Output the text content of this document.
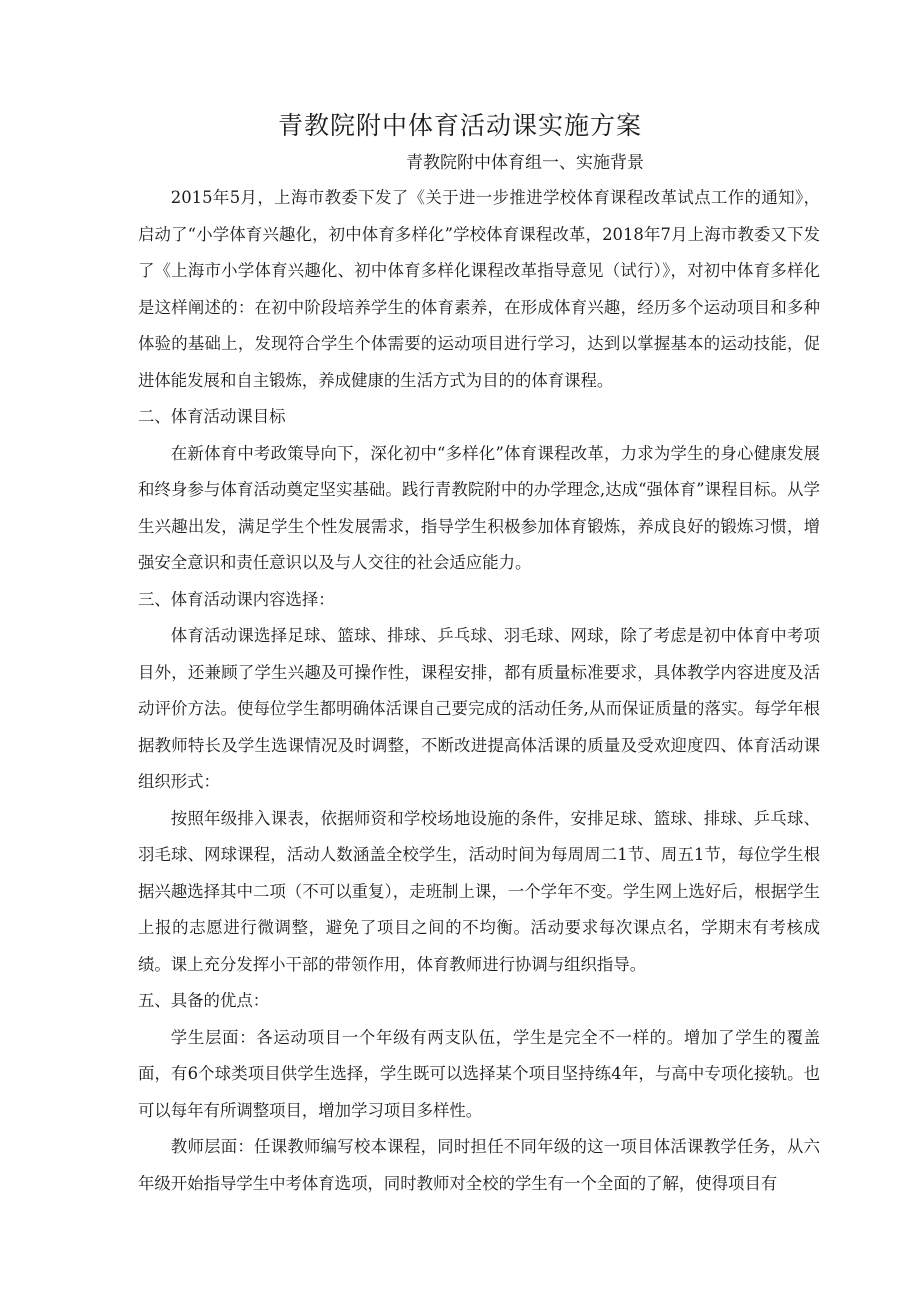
青教院附中体育活动课实施方案
青教院附中体育组一、实施背景

2015年5月，上海市教委下发了《关于进一步推进学校体育课程改革试点工作的通知》，启动了“小学体育兴趣化，初中体育多样化”学校体育课程改革，2018年7月上海市教委又下发了《上海市小学体育兴趣化、初中体育多样化课程改革指导意见（试行）》，对初中体育多样化是这样阐述的：在初中阶段培养学生的体育素养，在形成体育兴趣，经历多个运动项目和多种体验的基础上，发现符合学生个体需要的运动项目进行学习，达到以掌握基本的运动技能，促进体能发展和自主锻炼，养成健康的生活方式为目的的体育课程。

二、体育活动课目标

在新体育中考政策导向下，深化初中“多样化”体育课程改革，力求为学生的身心健康发展和终身参与体育活动奠定坚实基础。践行青教院附中的办学理念,达成“强体育”课程目标。从学生兴趣出发，满足学生个性发展需求，指导学生积极参加体育锻炼，养成良好的锻炼习惯，增强安全意识和责任意识以及与人交往的社会适应能力。

三、体育活动课内容选择：

体育活动课选择足球、篮球、排球、乒乓球、羽毛球、网球，除了考虑是初中体育中考项目外，还兼顾了学生兴趣及可操作性，课程安排，都有质量标准要求，具体教学内容进度及活动评价方法。使每位学生都明确体活课自己要完成的活动任务,从而保证质量的落实。每学年根据教师特长及学生选课情况及时调整，不断改进提高体活课的质量及受欢迎度四、体育活动课组织形式：

按照年级排入课表，依据师资和学校场地设施的条件，安排足球、篮球、排球、乒乓球、羽毛球、网球课程，活动人数涵盖全校学生，活动时间为每周周二1节、周五1节，每位学生根据兴趣选择其中二项（不可以重复），走班制上课，一个学年不变。学生网上选好后，根据学生上报的志愿进行微调整，避免了项目之间的不均衡。活动要求每次课点名，学期末有考核成绩。课上充分发挥小干部的带领作用，体育教师进行协调与组织指导。

五、具备的优点：

学生层面：各运动项目一个年级有两支队伍，学生是完全不一样的。增加了学生的覆盖面，有6个球类项目供学生选择，学生既可以选择某个项目坚持练4年，与高中专项化接轨。也可以每年有所调整项目，增加学习项目多样性。

教师层面：任课教师编写校本课程，同时担任不同年级的这一项目体活课教学任务，从六年级开始指导学生中考体育选项，同时教师对全校的学生有一个全面的了解，使得项目有
